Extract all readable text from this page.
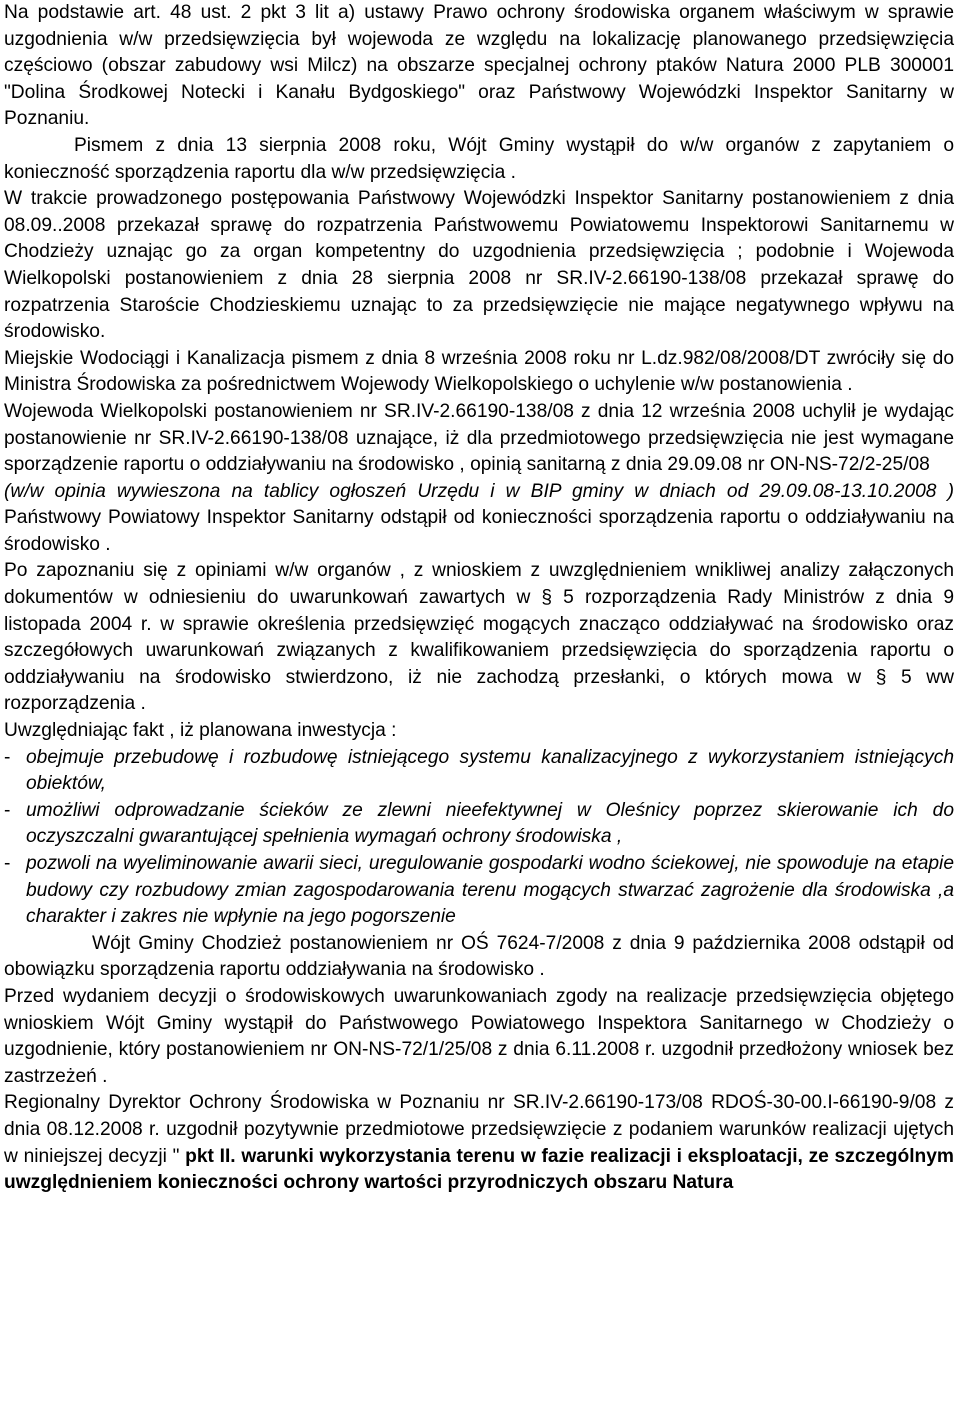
Na podstawie art. 48 ust. 2 pkt 3 lit a) ustawy Prawo ochrony środowiska organem właściwym w sprawie uzgodnienia w/w przedsięwzięcia był wojewoda ze względu na lokalizację planowanego przedsięwzięcia częściowo (obszar zabudowy wsi Milcz) na obszarze specjalnej ochrony ptaków Natura 2000 PLB 300001 "Dolina Środkowej Notecki i Kanału Bydgoskiego" oraz Państwowy Wojewódzki Inspektor Sanitarny w Poznaniu.

Pismem z dnia 13 sierpnia 2008 roku, Wójt Gminy wystąpił do w/w organów z zapytaniem o konieczność sporządzenia raportu dla w/w przedsięwzięcia .

W trakcie prowadzonego postępowania Państwowy Wojewódzki Inspektor Sanitarny postanowieniem z dnia 08.09..2008 przekazał sprawę do rozpatrzenia Państwowemu Powiatowemu Inspektorowi Sanitarnemu w Chodzieży uznając go za organ kompetentny do uzgodnienia przedsięwzięcia ; podobnie i Wojewoda Wielkopolski postanowieniem z dnia 28 sierpnia 2008 nr SR.IV-2.66190-138/08 przekazał sprawę do rozpatrzenia Staroście Chodzieskiemu uznając to za przedsięwzięcie nie mające negatywnego wpływu na środowisko.

Miejskie Wodociągi i Kanalizacja pismem z dnia 8 września 2008 roku nr L.dz.982/08/2008/DT zwróciły się do Ministra Środowiska za pośrednictwem Wojewody Wielkopolskiego o uchylenie w/w postanowienia .

Wojewoda Wielkopolski postanowieniem nr SR.IV-2.66190-138/08 z dnia 12 września 2008 uchylił je wydając postanowienie nr SR.IV-2.66190-138/08 uznające, iż dla przedmiotowego przedsięwzięcia nie jest wymagane sporządzenie raportu o oddziaływaniu na środowisko , opinią sanitarną z dnia 29.09.08 nr ON-NS-72/2-25/08

(w/w opinia wywieszona na tablicy ogłoszeń Urzędu i w BIP gminy w dniach od 29.09.08-13.10.2008 ) Państwowy Powiatowy Inspektor Sanitarny odstąpił od konieczności sporządzenia raportu o oddziaływaniu na środowisko .

Po zapoznaniu się z opiniami w/w organów , z wnioskiem z uwzględnieniem wnikliwej analizy załączonych dokumentów w odniesieniu do uwarunkowań zawartych w § 5 rozporządzenia Rady Ministrów z dnia 9 listopada 2004 r. w sprawie określenia przedsięwzięć mogących znacząco oddziaływać na środowisko oraz szczegółowych uwarunkowań związanych z kwalifikowaniem przedsięwzięcia do sporządzenia raportu o oddziaływaniu na środowisko stwierdzono, iż nie zachodzą przesłanki, o których mowa w § 5 ww rozporządzenia .

Uwzględniając fakt , iż planowana inwestycja :

- obejmuje przebudowę i rozbudowę istniejącego systemu kanalizacyjnego z wykorzystaniem istniejących obiektów,

- umożliwi odprowadzanie ścieków ze zlewni nieefektywnej w Oleśnicy poprzez skierowanie ich do oczyszczalni gwarantującej spełnienia wymagań ochrony środowiska ,

- pozwoli na wyeliminowanie awarii sieci, uregulowanie gospodarki wodno ściekowej, nie spowoduje na etapie budowy czy rozbudowy zmian zagospodarowania terenu mogących stwarzać zagrożenie dla środowiska ,a charakter i zakres nie wpłynie na jego pogorszenie

Wójt Gminy Chodzież postanowieniem nr OŚ 7624-7/2008 z dnia 9 października 2008 odstąpił od obowiązku sporządzenia raportu oddziaływania na środowisko .

Przed wydaniem decyzji o środowiskowych uwarunkowaniach zgody na realizacje przedsięwzięcia objętego wnioskiem Wójt Gminy wystąpił do Państwowego Powiatowego Inspektora Sanitarnego w Chodzieży o uzgodnienie, który postanowieniem nr ON-NS-72/1/25/08 z dnia 6.11.2008 r. uzgodnił przedłożony wniosek bez zastrzeżeń .

Regionalny Dyrektor Ochrony Środowiska w Poznaniu nr SR.IV-2.66190-173/08 RDOŚ-30-00.I-66190-9/08 z dnia 08.12.2008 r. uzgodnił pozytywnie przedmiotowe przedsięwzięcie z podaniem warunków realizacji ujętych w niniejszej decyzji " pkt II. warunki wykorzystania terenu w fazie realizacji i eksploatacji, ze szczególnym uwzględnieniem konieczności ochrony wartości przyrodniczych obszaru Natura
